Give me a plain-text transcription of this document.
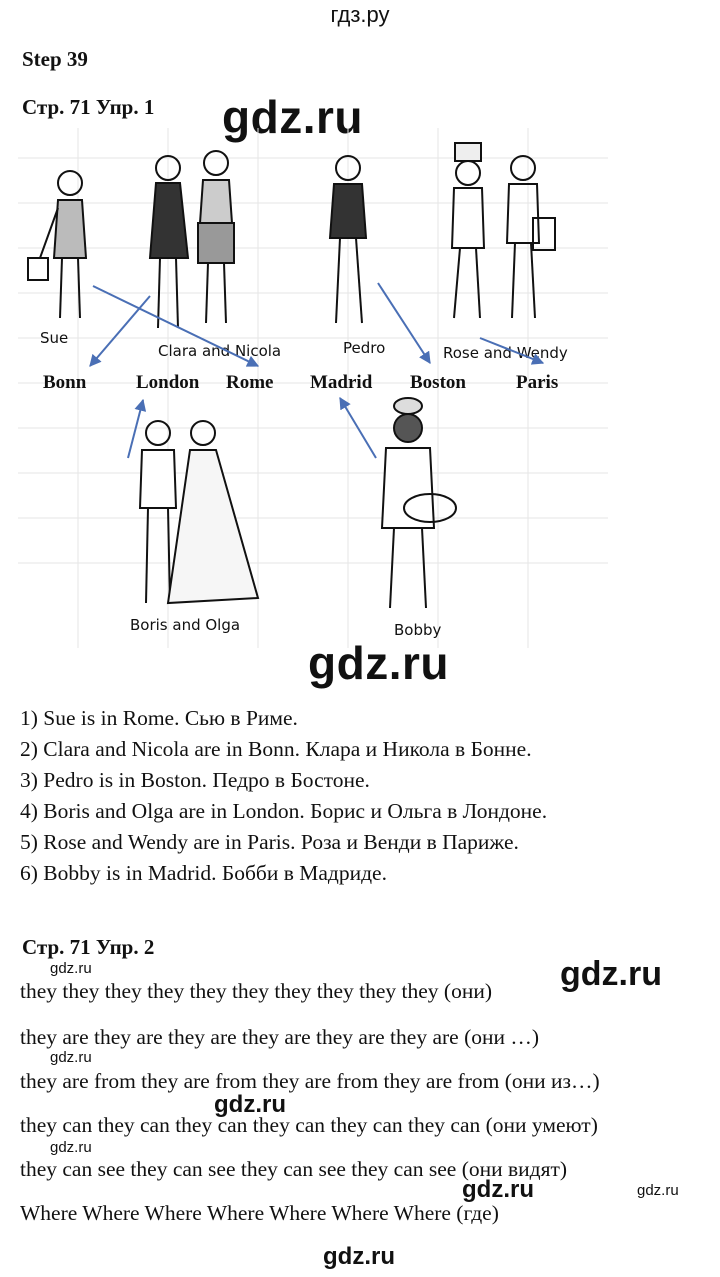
гдз.ру
Step 39
Стр. 71 Упр. 1 gdz.ru
Sue
Clara and Nicola	Pedro	Rose and Wendy
Boris and Olga	Bobby
Bonn	London Rome Madrid Boston	Paris
gdz.ru
1) Sue is in Rome. Сью в Риме.
2) Clara and Nicola are in Bonn. Клара и Никола в Бонне.
3) Pedro is in Boston. Педро в Бостоне.
4) Boris and Olga are in London. Борис и Ольга в Лондоне.
5) Rose and Wendy are in Paris. Роза и Венди в Париже.
6) Bobby is in Madrid. Бобби в Мадриде.
Стр. 71 Упр. 2
gdz.ru	gdz.ru
they they they they they they they they they they (они)
they are they are they are they are they are they are (они …)
gdz.ru
they are from they are from they are from they are from (они из…)
gdz.ru
they can they can they can they can they can they can (они умеют)
gdz.ru
they can see they can see they can see they can see (они видят)
gdz.ru	gdz.ru
Where Where Where Where Where Where Where (где)
gdz.ru
